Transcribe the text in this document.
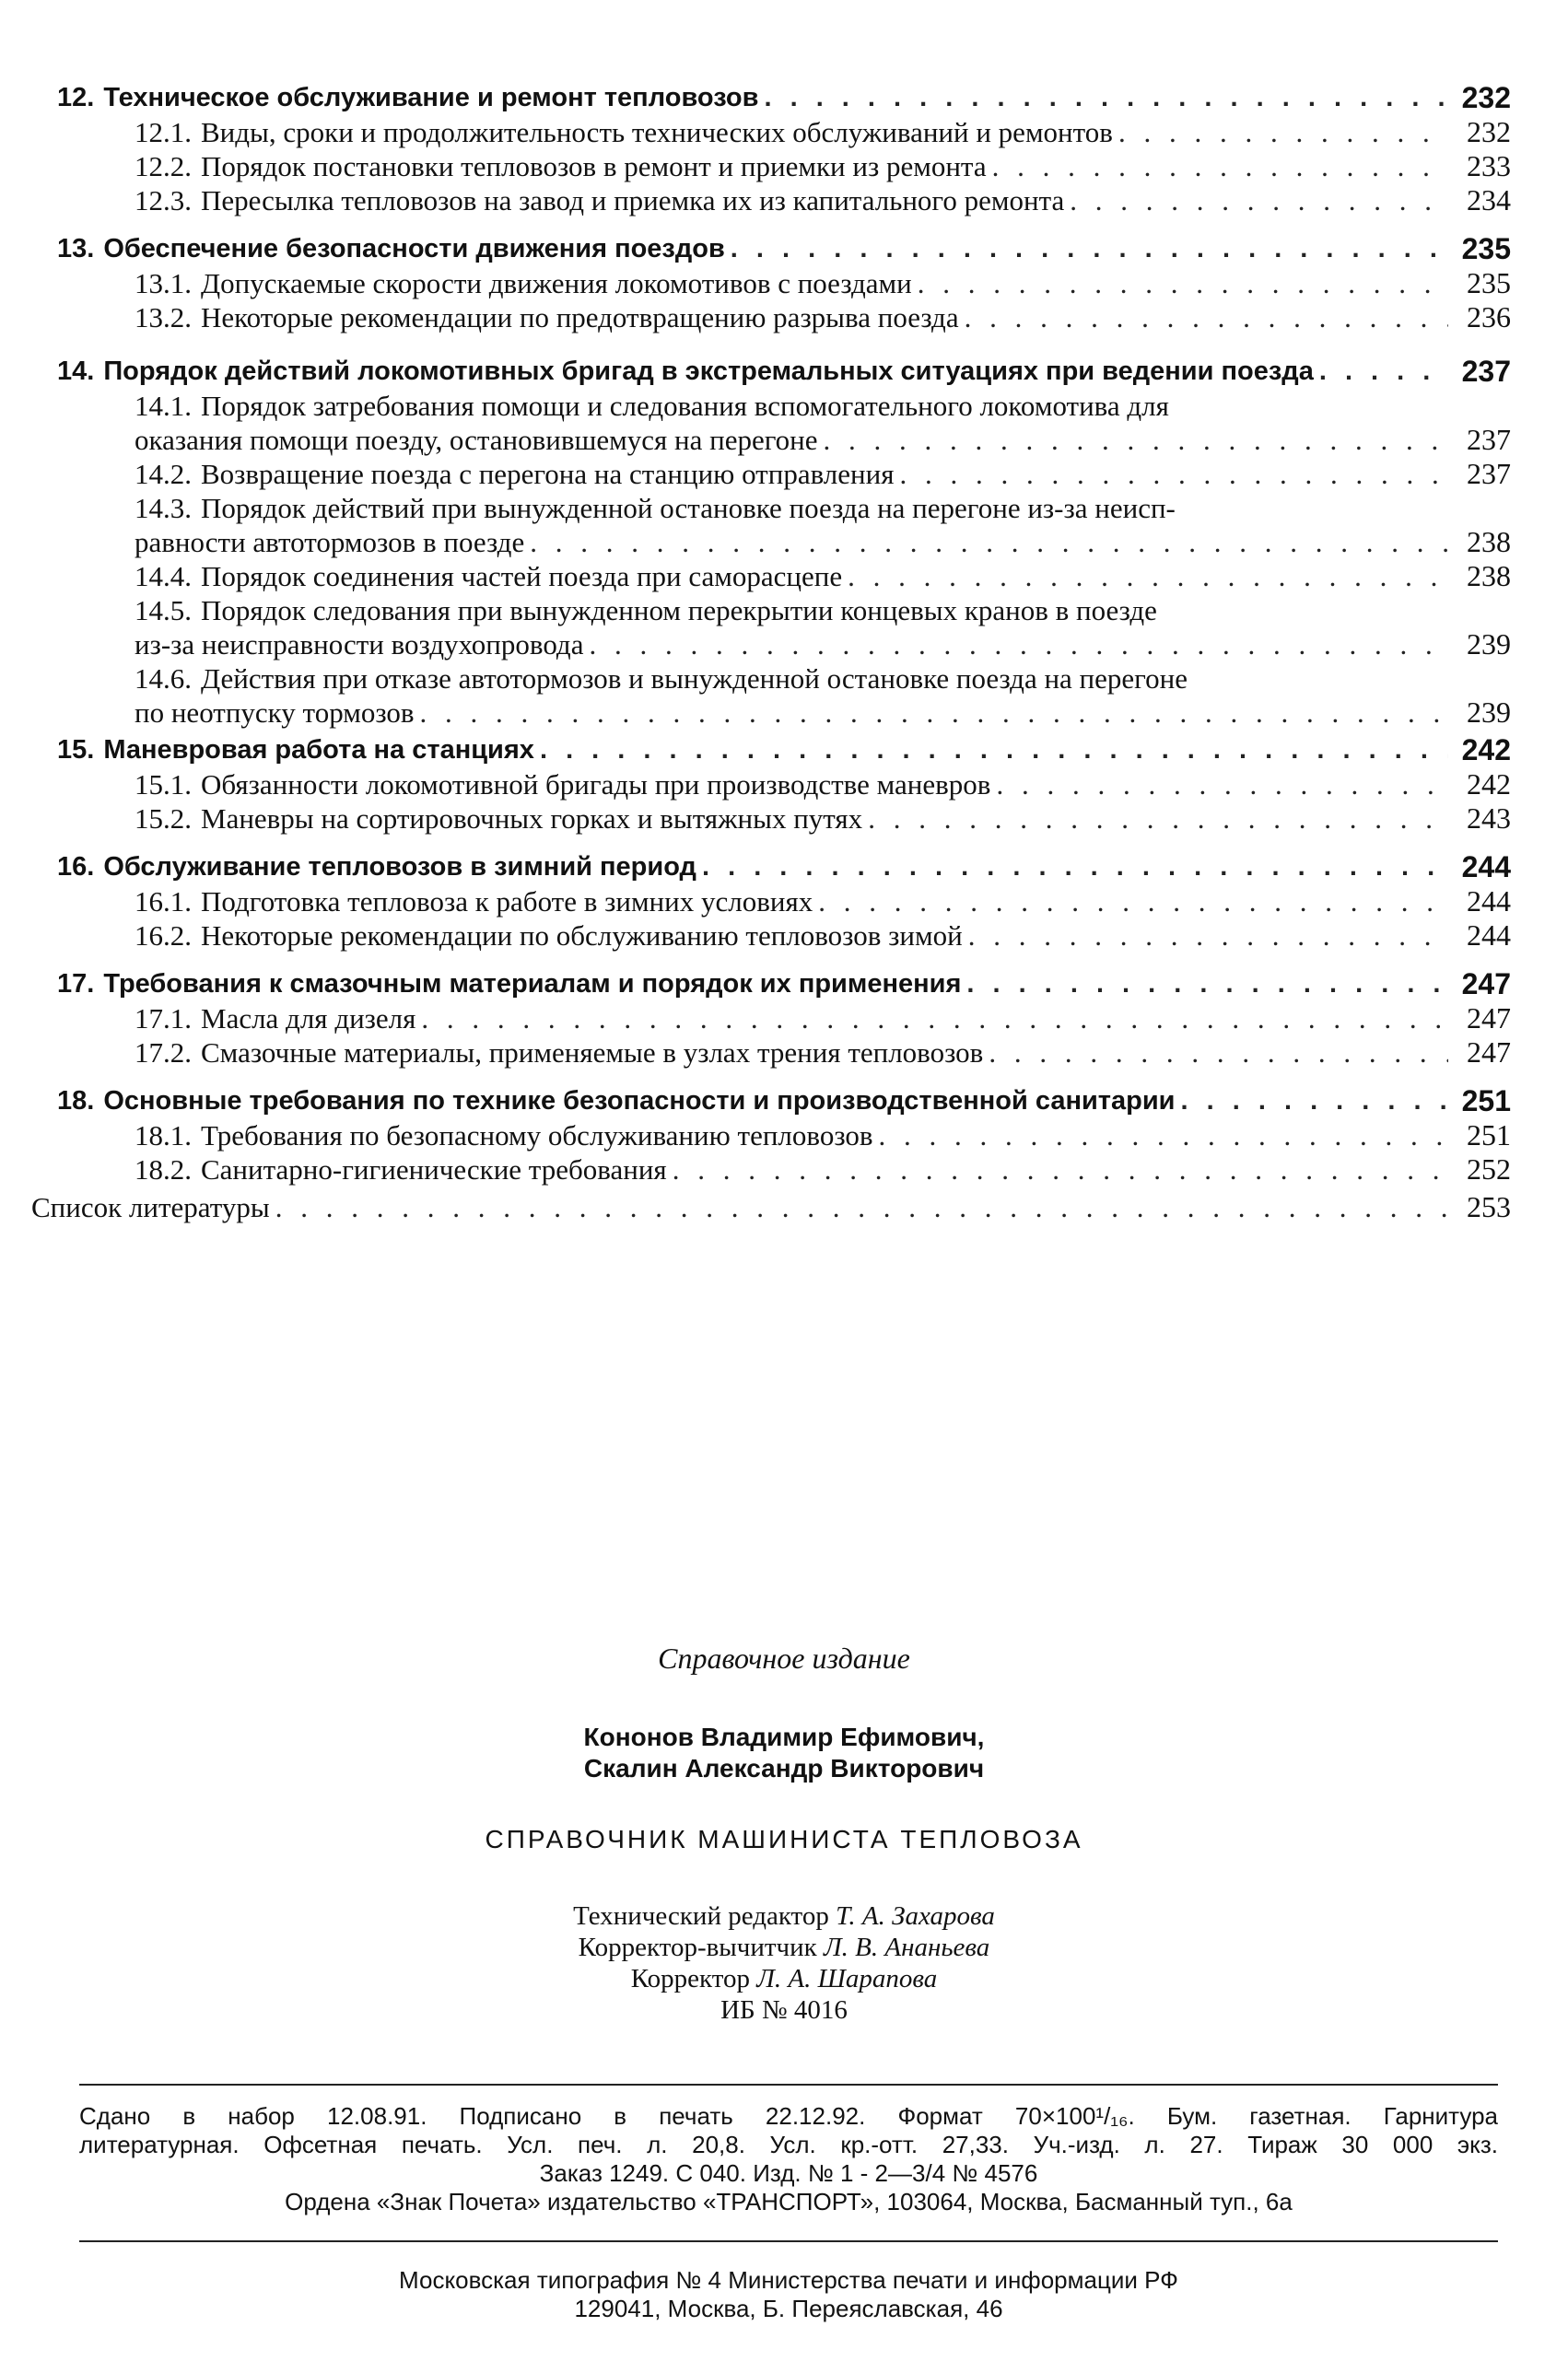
12. Техническое обслуживание и ремонт тепловозов . . .	232
12.1. Виды, сроки и продолжительность технических обслуживаний и ремонтов . . .	232
12.2. Порядок постановки тепловозов в ремонт и приемки из ремонта . . .	233
12.3. Пересылка тепловозов на завод и приемка их из капитального ремонта . . .	234
13. Обеспечение безопасности движения поездов . . .	235
13.1. Допускаемые скорости движения локомотивов с поездами . . .	235
13.2. Некоторые рекомендации по предотвращению разрыва поезда . . .	236
14. Порядок действий локомотивных бригад в экстремальных ситуациях при ведении поезда . . .	237
14.1. Порядок затребования помощи и следования вспомогательного локомотива для
оказания помощи поезду, остановившемуся на перегоне . . .	237
14.2. Возвращение поезда с перегона на станцию отправления . . .	237
14.3. Порядок действий при вынужденной остановке поезда на перегоне из-за неисп-
равности автотормозов в поезде . . .	238
14.4. Порядок соединения частей поезда при саморасцепе . . .	238
14.5. Порядок следования при вынужденном перекрытии концевых кранов в поезде
из-за неисправности воздухопровода . . .	239
14.6. Действия при отказе автотормозов и вынужденной остановке поезда на перегоне
по неотпуску тормозов . . .	239
15. Маневровая работа на станциях . . .	242
15.1. Обязанности локомотивной бригады при производстве маневров . . .	242
15.2. Маневры на сортировочных горках и вытяжных путях . . .	243
16. Обслуживание тепловозов в зимний период . . .	244
16.1. Подготовка тепловоза к работе в зимних условиях . . .	244
16.2. Некоторые рекомендации по обслуживанию тепловозов зимой . . .	244
17. Требования к смазочным материалам и порядок их применения . . .	247
17.1. Масла для дизеля . . .	247
17.2. Смазочные материалы, применяемые в узлах трения тепловозов . . .	247
18. Основные требования по технике безопасности и производственной санитарии . . .	251
18.1. Требования по безопасному обслуживанию тепловозов . . .	251
18.2. Санитарно-гигиенические требования . . .	252
Список литературы . . .	253
Справочное издание
Кононов Владимир Ефимович,
Скалин Александр Викторович
СПРАВОЧНИК МАШИНИСТА ТЕПЛОВОЗА
Технический редактор Т. А. Захарова
Корректор-вычитчик Л. В. Ананьева
Корректор Л. А. Шарапова
ИБ № 4016
Сдано в набор 12.08.91. Подписано в печать 22.12.92. Формат 70×100¹/₁₆. Бум. газетная. Гарнитура
литературная. Офсетная печать. Усл. печ. л. 20,8. Усл. кр.-отт. 27,33. Уч.-изд. л. 27. Тираж 30 000 экз.
Заказ 1249. С 040. Изд. № 1 - 2—3/4 № 4576
Ордена «Знак Почета» издательство «ТРАНСПОРТ», 103064, Москва, Басманный туп., 6а
Московская типография № 4 Министерства печати и информации РФ
129041, Москва, Б. Переяславская, 46
